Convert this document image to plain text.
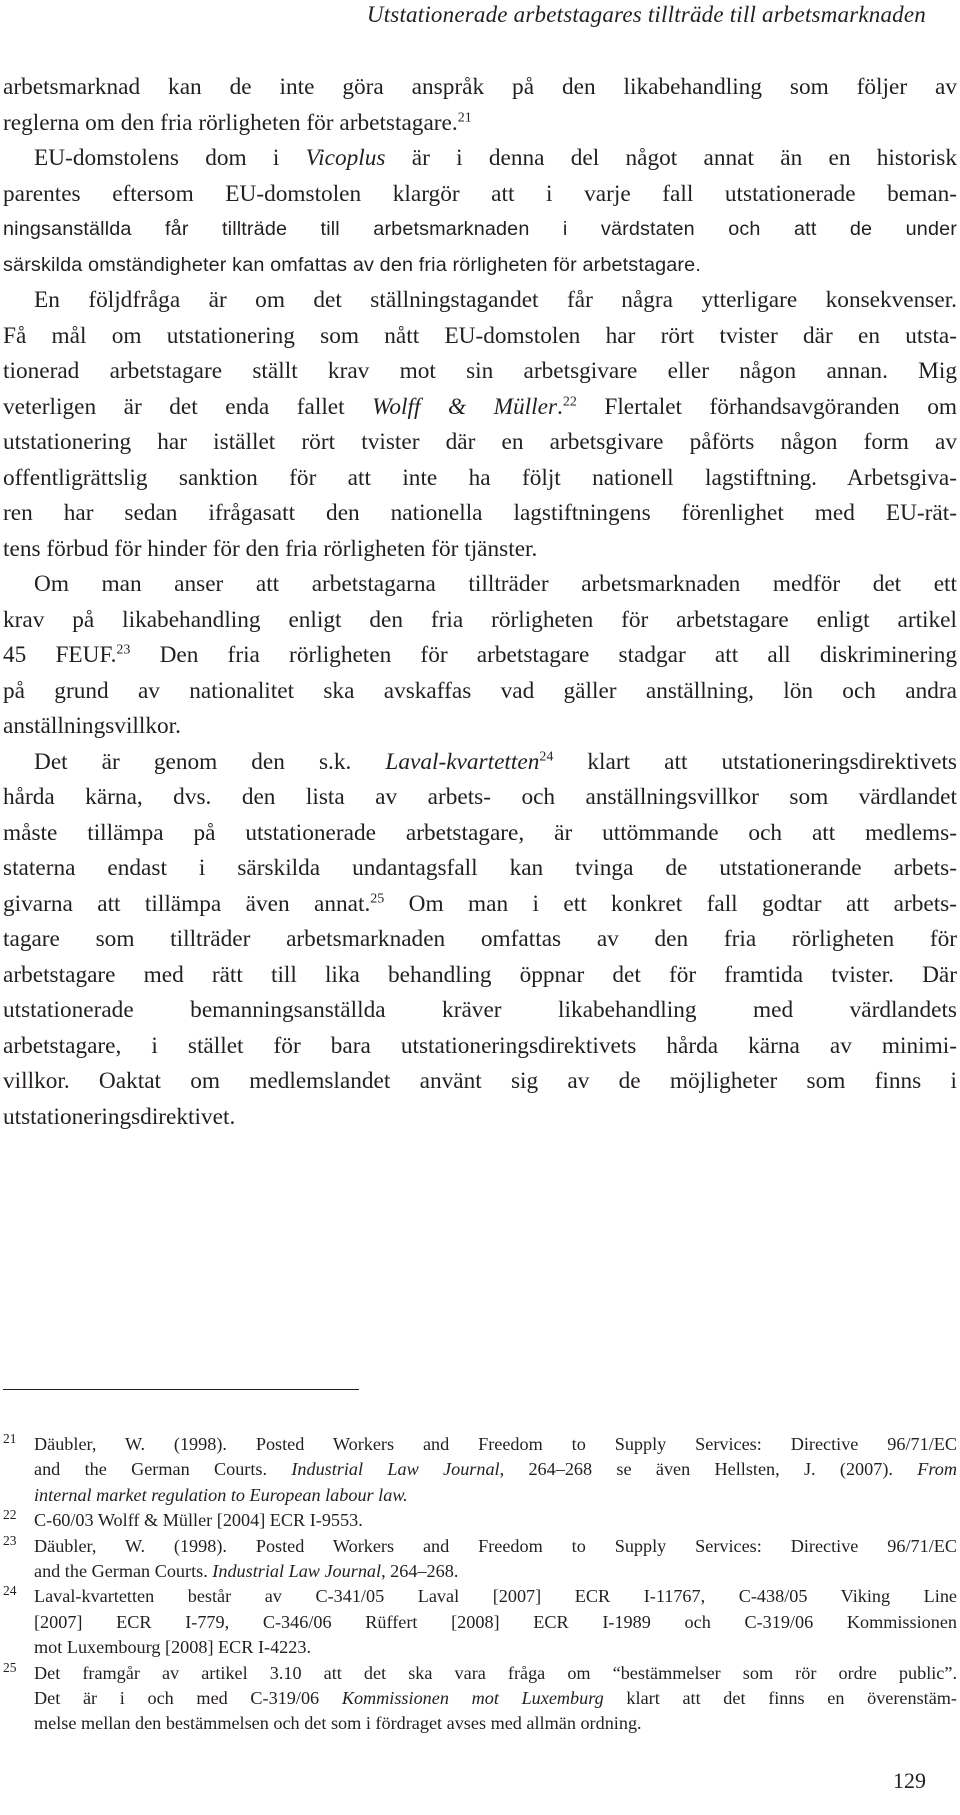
Utstationerade arbetstagares tillträde till arbetsmarknaden
arbetsmarknad kan de inte göra anspråk på den likabehandling som följer av
reglerna om den fria rörligheten för arbetstagare.$^{21}$
EU-domstolens dom i Vicoplus är i denna del något annat än en historisk
parentes eftersom EU-domstolen klargör att i varje fall utstationerade beman-
ningsanställda får tillträde till arbetsmarknaden i värdstaten och att de under
särskilda omständigheter kan omfattas av den fria rörligheten för arbetstagare.
En följdfråga är om det ställningstagandet får några ytterligare konsekvenser.
Få mål om utstationering som nått EU-domstolen har rört tvister där en utsta-
tionerad arbetstagare ställt krav mot sin arbetsgivare eller någon annan. Mig
veterligen är det enda fallet Wolff & Müller.$^{22}$ Flertalet förhandsavgöranden om
utstationering har istället rört tvister där en arbetsgivare påförts någon form av
offentligrättslig sanktion för att inte ha följt nationell lagstiftning. Arbetsgiva-
ren har sedan ifrågasatt den nationella lagstiftningens förenlighet med EU-rät-
tens förbud för hinder för den fria rörligheten för tjänster.
Om man anser att arbetstagarna tillträder arbetsmarknaden medför det ett
krav på likabehandling enligt den fria rörligheten för arbetstagare enligt artikel
45 FEUF.$^{23}$ Den fria rörligheten för arbetstagare stadgar att all diskriminering
på grund av nationalitet ska avskaffas vad gäller anställning, lön och andra
anställningsvillkor.
Det är genom den s.k. Laval-kvartetten$^{24}$ klart att utstationeringsdirektivets
hårda kärna, dvs. den lista av arbets- och anställningsvillkor som värdlandet
måste tillämpa på utstationerade arbetstagare, är uttömmande och att medlems-
staterna endast i särskilda undantagsfall kan tvinga de utstationerande arbets-
givarna att tillämpa även annat.$^{25}$ Om man i ett konkret fall godtar att arbets-
tagare som tillträder arbetsmarknaden omfattas av den fria rörligheten för
arbetstagare med rätt till lika behandling öppnar det för framtida tvister. Där
utstationerade bemanningsanställda kräver likabehandling med värdlandets
arbetstagare, i stället för bara utstationeringsdirektivets hårda kärna av minimi-
villkor. Oaktat om medlemslandet använt sig av de möjligheter som finns i
utstationeringsdirektivet.
21 Däubler, W. (1998). Posted Workers and Freedom to Supply Services: Directive 96/71/EC
and the German Courts. Industrial Law Journal, 264–268 se även Hellsten, J. (2007). From
internal market regulation to European labour law.
22 C-60/03 Wolff & Müller [2004] ECR I-9553.
23 Däubler, W. (1998). Posted Workers and Freedom to Supply Services: Directive 96/71/EC
and the German Courts. Industrial Law Journal, 264–268.
24 Laval-kvartetten består av C-341/05 Laval [2007] ECR I-11767, C-438/05 Viking Line
[2007] ECR I-779, C-346/06 Rüffert [2008] ECR I-1989 och C-319/06 Kommissionen
mot Luxembourg [2008] ECR I-4223.
25 Det framgår av artikel 3.10 att det ska vara fråga om “bestämmelser som rör ordre public”.
Det är i och med C-319/06 Kommissionen mot Luxemburg klart att det finns en överenstäm-
melse mellan den bestämmelsen och det som i fördraget avses med allmän ordning.
129
